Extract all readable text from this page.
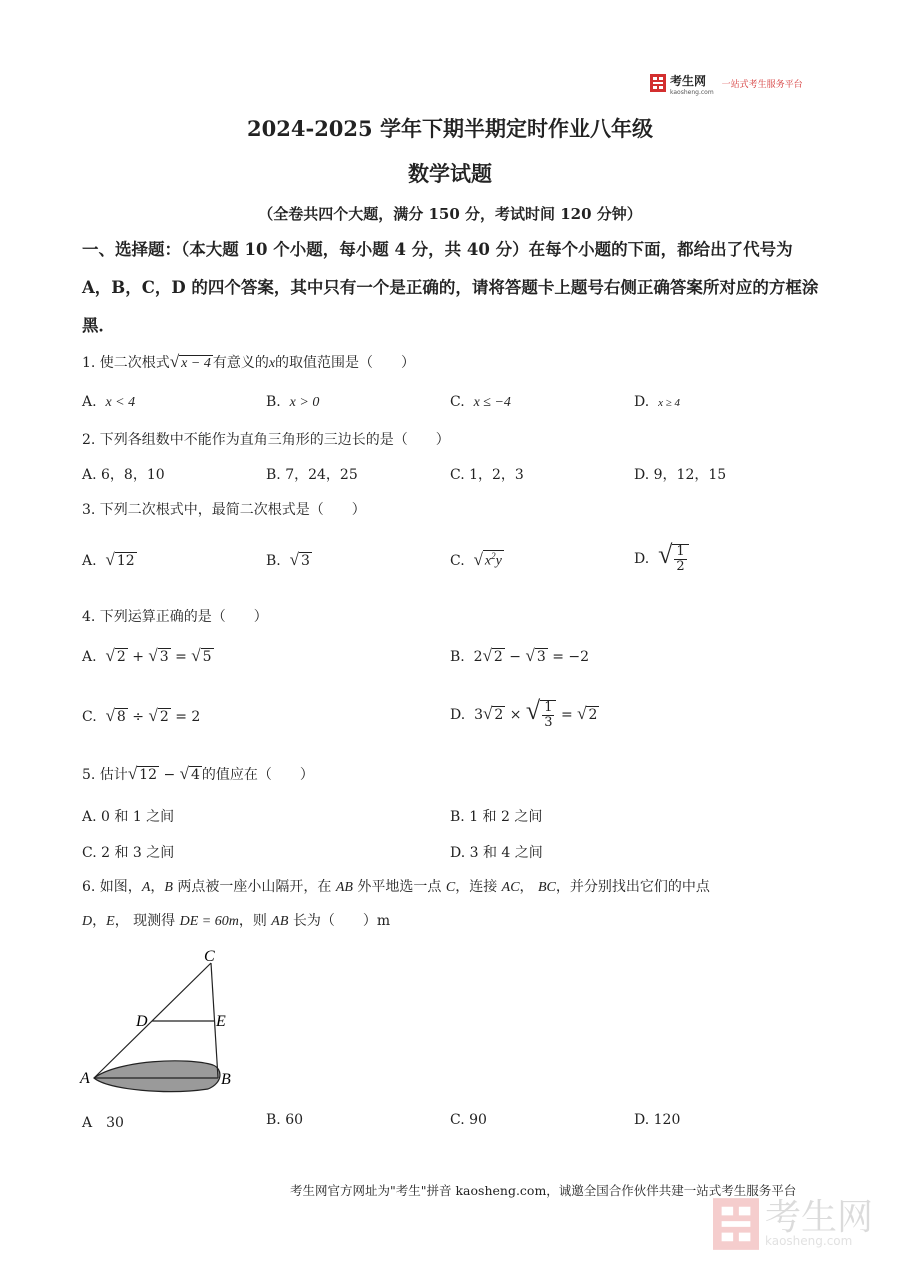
考生网
kaosheng.com
一站式考生服务平台
2024-2025 学年下期半期定时作业八年级
数学试题
（全卷共四个大题，满分 150 分，考试时间 120 分钟）
一、选择题：（本大题 10 个小题，每小题 4 分，共 40 分）在每个小题的下面，都给出了代号为 A，B，C，D 的四个答案，其中只有一个是正确的，请将答题卡上题号右侧正确答案所对应的方框涂黑．
1. 使二次根式√ x − 4 有意义的x的取值范围是（　　）
A. x < 4	B. x > 0	C. x ≤ −4	D. x ≥ 4
2. 下列各组数中不能作为直角三角形的三边长的是（　　）
A. 6，8，10	B. 7，24，25	C. 1，2，3	D. 9，12，15
3. 下列二次根式中，最简二次根式是（　　）
A. √ 12	B. √ 3	C. √ $x^2y$	D. √ $\frac{1}{2}$
4. 下列运算正确的是（　　）
A. √ 2 + √ 3 = √ 5	B. 2√ 2 − √ 3 = −2
C. √ 8 ÷ √ 2 = 2	D. 3√ 2 × √ $\frac{1}{3}$ = √ 2
5. 估计√ 12 − √ 4 的值应在（　　）
A. 0 和 1 之间	B. 1 和 2 之间
C. 2 和 3 之间	D. 3 和 4 之间
6. 如图，A，B 两点被一座小山隔开，在 AB 外平地选一点 C，连接 AC， BC，并分别找出它们的中点
D，E， 现测得 DE = 60m，则 AB 长为（　　）m
C
D	E
A	B
A　30	B. 60	C. 90	D. 120
考生网官方网址为"考生"拼音 kaosheng.com，诚邀全国合作伙伴共建一站式考生服务平台
考生网
kaosheng.com
